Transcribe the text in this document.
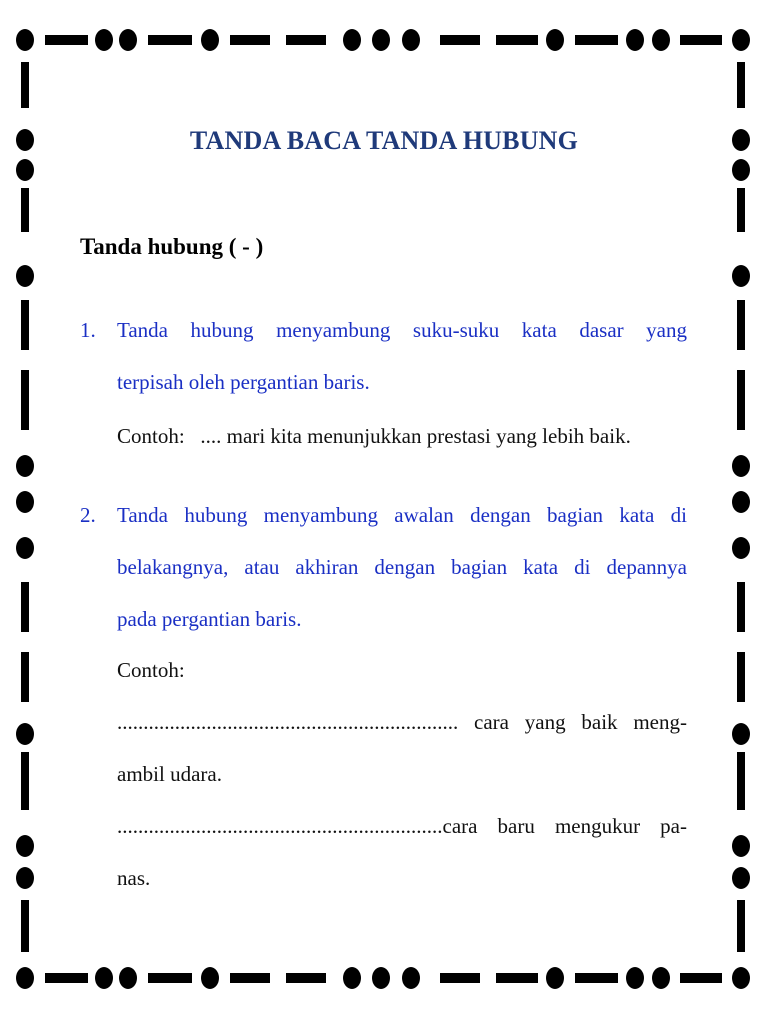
TANDA BACA TANDA HUBUNG
Tanda hubung ( - )
1. Tanda hubung menyambung suku-suku kata dasar yang
terpisah oleh pergantian baris.
Contoh:   .... mari kita menunjukkan prestasi yang lebih baik.
2. Tanda hubung menyambung awalan dengan bagian kata di
belakangnya, atau akhiran dengan bagian kata di depannya
pada pergantian baris.
Contoh:
................................................................. cara yang baik meng-
ambil udara.
..............................................................cara baru mengukur pa-
nas.
